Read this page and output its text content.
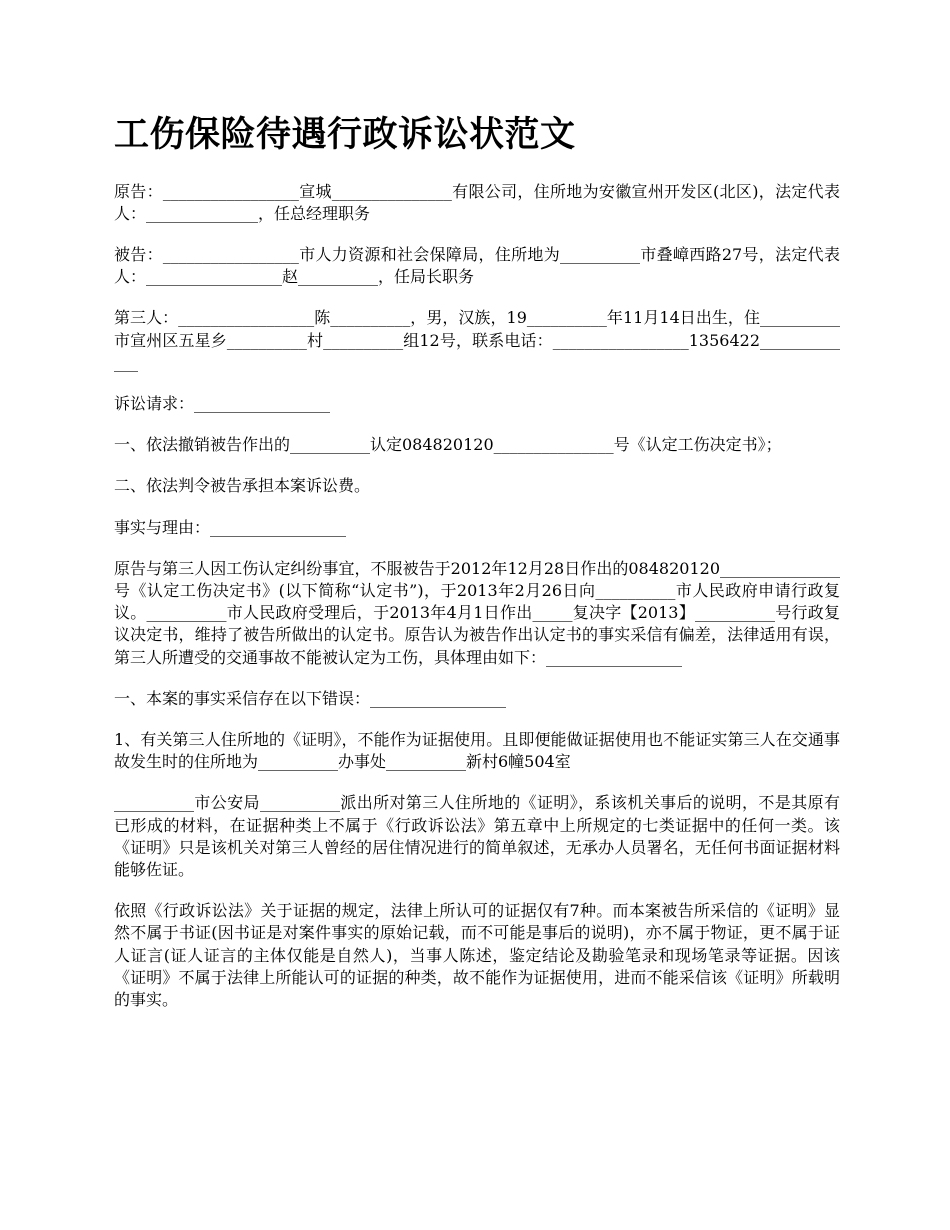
工伤保险待遇行政诉讼状范文

原告：_________________宣城_______________有限公司，住所地为安徽宣州开发区(北区)，法定代表人：______________，任总经理职务

被告：_________________市人力资源和社会保障局，住所地为__________市叠嶂西路27号，法定代表人：_________________赵__________，任局长职务

第三人：_________________陈__________，男，汉族，19__________年11月14日出生，住__________市宣州区五星乡__________村__________组12号，联系电话：_________________1356422_____________

诉讼请求：_________________

一、依法撤销被告作出的__________认定084820120_______________号《认定工伤决定书》；

二、依法判令被告承担本案诉讼费。

事实与理由：_________________

原告与第三人因工伤认定纠纷事宜，不服被告于2012年12月28日作出的084820120_______________号《认定工伤决定书》(以下简称“认定书”)，于2013年2月26日向__________市人民政府申请行政复议。__________市人民政府受理后，于2013年4月1日作出_____复决字【2013】__________号行政复议决定书，维持了被告所做出的认定书。原告认为被告作出认定书的事实采信有偏差，法律适用有误，第三人所遭受的交通事故不能被认定为工伤，具体理由如下：_________________

一、本案的事实采信存在以下错误：_________________

1、有关第三人住所地的《证明》，不能作为证据使用。且即便能做证据使用也不能证实第三人在交通事故发生时的住所地为__________办事处__________新村6幢504室

__________市公安局__________派出所对第三人住所地的《证明》，系该机关事后的说明，不是其原有已形成的材料，在证据种类上不属于《行政诉讼法》第五章中上所规定的七类证据中的任何一类。该《证明》只是该机关对第三人曾经的居住情况进行的简单叙述，无承办人员署名，无任何书面证据材料能够佐证。

依照《行政诉讼法》关于证据的规定，法律上所认可的证据仅有7种。而本案被告所采信的《证明》显然不属于书证(因书证是对案件事实的原始记载，而不可能是事后的说明)，亦不属于物证，更不属于证人证言(证人证言的主体仅能是自然人)，当事人陈述，鉴定结论及勘验笔录和现场笔录等证据。因该《证明》不属于法律上所能认可的证据的种类，故不能作为证据使用，进而不能采信该《证明》所载明的事实。
